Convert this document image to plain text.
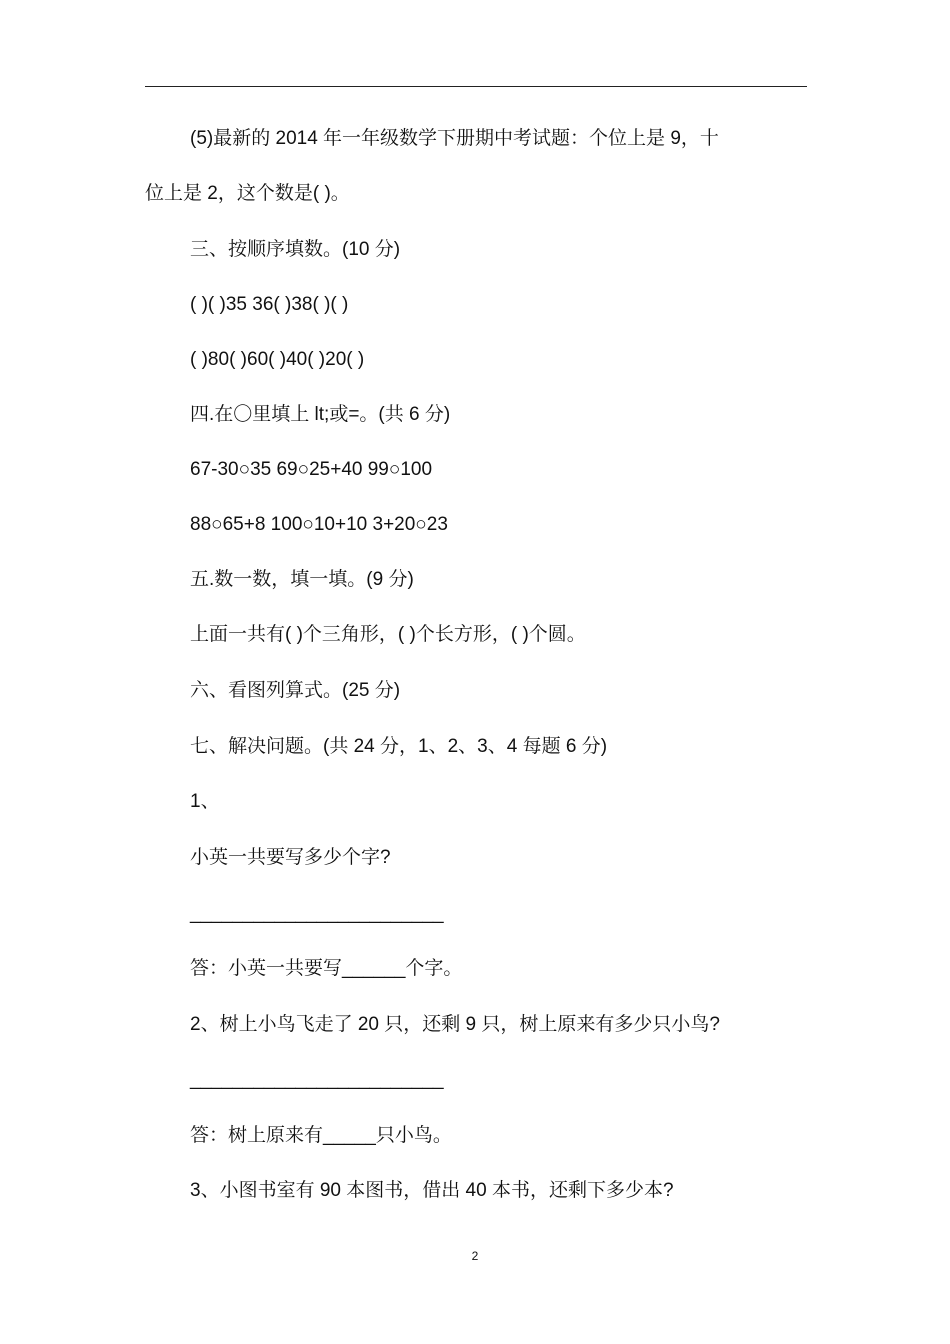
(5)最新的 2014 年一年级数学下册期中考试题：个位上是 9，十
位上是 2，这个数是( )。
三、按顺序填数。(10 分)
( )( )35 36( )38( )( )
( )80( )60( )40( )20( )
四.在〇里填上 lt;或=。(共 6 分)
67-30○35 69○25+40 99○100
88○65+8 100○10+10 3+20○23
五.数一数，填一填。(9 分)
上面一共有( )个三角形，( )个长方形，( )个圆。
六、看图列算式。(25 分)
七、解决问题。(共 24 分，1、2、3、4 每题 6 分)
1、
小英一共要写多少个字?
________________________
答：小英一共要写______个字。
2、树上小鸟飞走了 20 只，还剩 9 只，树上原来有多少只小鸟?
________________________
答：树上原来有_____只小鸟。
3、小图书室有 90 本图书，借出 40 本书，还剩下多少本?
2
